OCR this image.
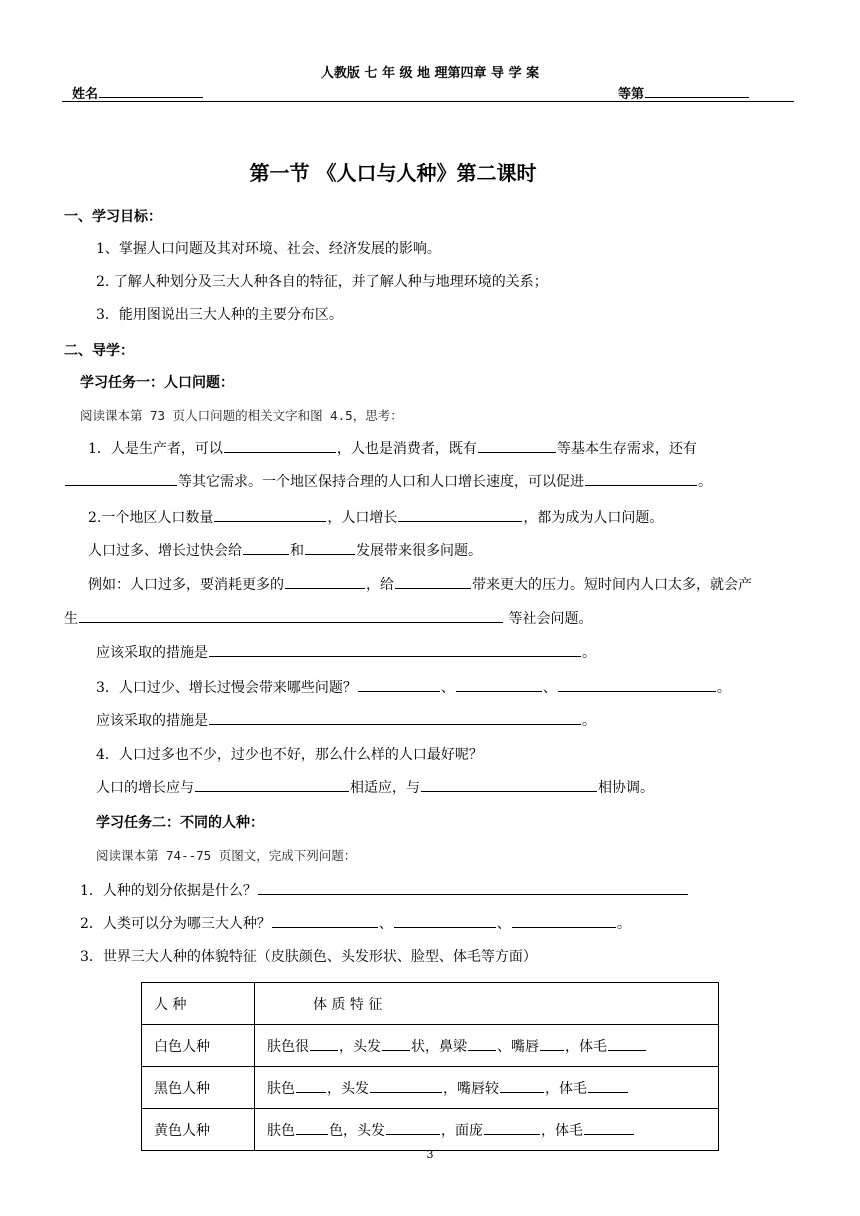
人教版 七 年 级 地 理第四章 导 学 案
姓名	等第
第一节 《人口与人种》第二课时
一、学习目标：
1、掌握人口问题及其对环境、社会、经济发展的影响。
2. 了解人种划分及三大人种各自的特征，并了解人种与地理环境的关系；
3．能用图说出三大人种的主要分布区。
二、导学：
学习任务一：人口问题：
阅读课本第 73 页人口问题的相关文字和图 4.5，思考：
1．人是生产者，可以	，人也是消费者，既有	等基本生存需求，还有
等其它需求。一个地区保持合理的人口和人口增长速度，可以促进	。
2.一个地区人口数量	，人口增长	，都为成为人口问题。
人口过多、增长过快会给	和	发展带来很多问题。
例如：人口过多，要消耗更多的	，给	带来更大的压力。短时间内人口太多，就会产
生	等社会问题。
应该采取的措施是	。
3．人口过少、增长过慢会带来哪些问题？	、	、	。
应该采取的措施是	。
4．人口过多也不少，过少也不好，那么什么样的人口最好呢？
人口的增长应与	相适应，与	相协调。
学习任务二：不同的人种：
阅读课本第 74--75 页图文，完成下列问题：
1．人种的划分依据是什么？
2．人类可以分为哪三大人种？	、	、	。
3．世界三大人种的体貌特征（皮肤颜色、头发形状、脸型、体毛等方面）
人 种	体 质 特 征
白色人种	肤色很 ，头发 状，鼻梁 、嘴唇 ，体毛
黑色人种	肤色 ，头发 ，嘴唇较 ，体毛
黄色人种	肤色 色，头发 ，面庞 ，体毛
3
